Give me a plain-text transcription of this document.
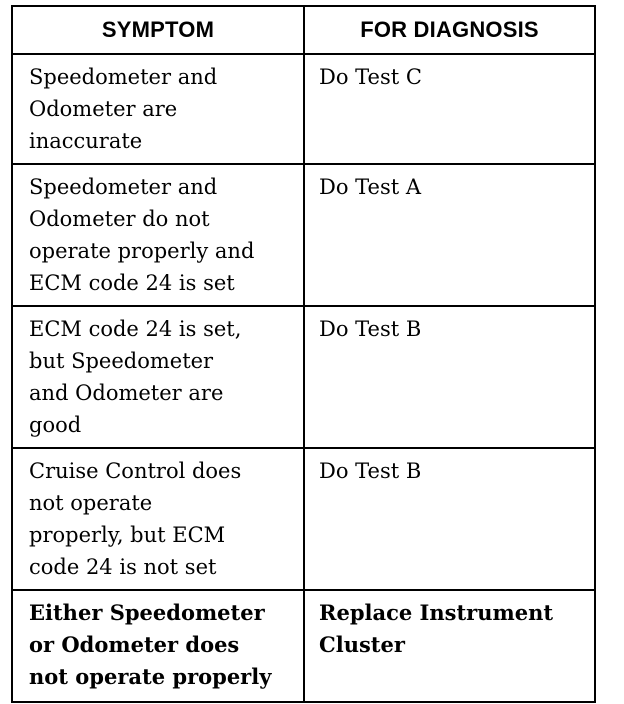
SYMPTOM	FOR DIAGNOSIS

Speedometer and
Odometer are
inaccurate	Do Test C

Speedometer and
Odometer do not
operate properly and
ECM code 24 is set	Do Test A

ECM code 24 is set,
but Speedometer
and Odometer are
good	Do Test B

Cruise Control does
not operate
properly, but ECM
code 24 is not set	Do Test B

Either Speedometer
or Odometer does
not operate properly	Replace Instrument
Cluster
